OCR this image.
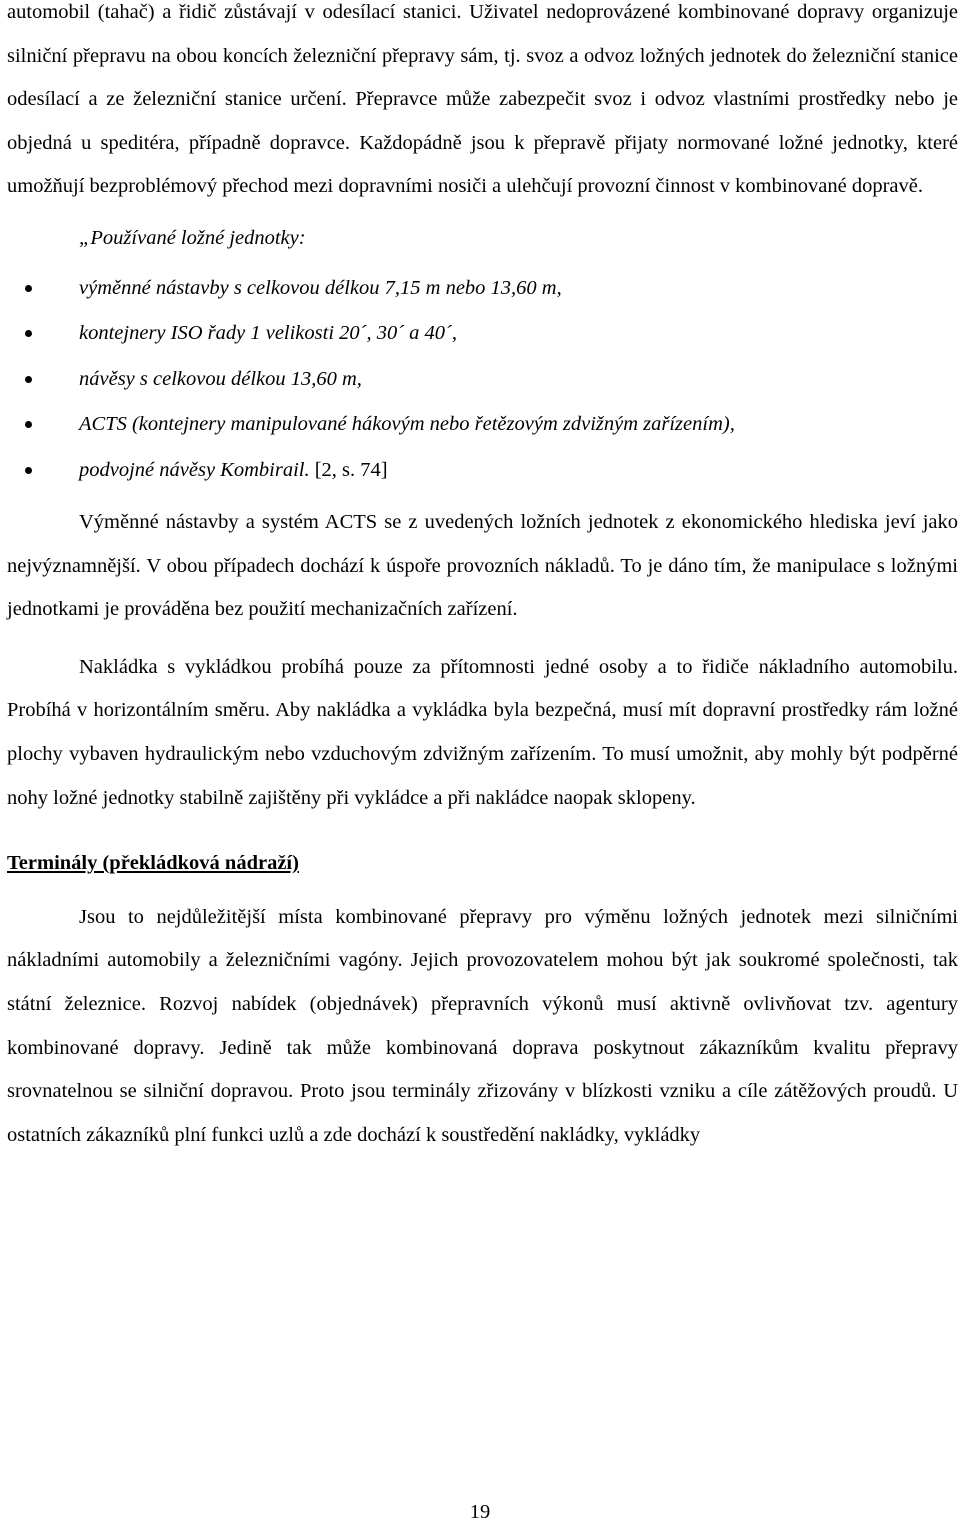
automobil (tahač) a řidič zůstávají v odesílací stanici. Uživatel nedoprovázené kombinované dopravy organizuje silniční přepravu na obou koncích železniční přepravy sám, tj. svoz a odvoz ložných jednotek do železniční stanice odesílací a ze železniční stanice určení. Přepravce může zabezpečit svoz i odvoz vlastními prostředky nebo je objedná u speditéra, případně dopravce. Každopádně jsou k přepravě přijaty normované ložné jednotky, které umožňují bezproblémový přechod mezi dopravními nosiči a ulehčují provozní činnost v kombinované dopravě.

„Používané ložné jednotky:

výměnné nástavby s celkovou délkou 7,15 m nebo 13,60 m,
kontejnery ISO řady 1 velikosti 20´, 30´ a 40´,
návěsy s celkovou délkou 13,60 m,
ACTS (kontejnery manipulované hákovým nebo řetězovým zdvižným zařízením),
podvojné návěsy Kombirail. [2, s. 74]

Výměnné nástavby a systém ACTS se z uvedených ložních jednotek z ekonomického hlediska jeví jako nejvýznamnější. V obou případech dochází k úspoře provozních nákladů. To je dáno tím, že manipulace s ložnými jednotkami je prováděna bez použití mechanizačních zařízení.

Nakládka s vykládkou probíhá pouze za přítomnosti jedné osoby a to řidiče nákladního automobilu. Probíhá v horizontálním směru. Aby nakládka a vykládka byla bezpečná, musí mít dopravní prostředky rám ložné plochy vybaven hydraulickým nebo vzduchovým zdvižným zařízením. To musí umožnit, aby mohly být podpěrné nohy ložné jednotky stabilně zajištěny při vykládce a při nakládce naopak sklopeny.

Terminály (překládková nádraží)

Jsou to nejdůležitější místa kombinované přepravy pro výměnu ložných jednotek mezi silničními nákladními automobily a železničními vagóny. Jejich provozovatelem mohou být jak soukromé společnosti, tak státní železnice. Rozvoj nabídek (objednávek) přepravních výkonů musí aktivně ovlivňovat tzv. agentury kombinované dopravy. Jedině tak může kombinovaná doprava poskytnout zákazníkům kvalitu přepravy srovnatelnou se silniční dopravou. Proto jsou terminály zřizovány v blízkosti vzniku a cíle zátěžových proudů. U ostatních zákazníků plní funkci uzlů a zde dochází k soustředění nakládky, vykládky

19
